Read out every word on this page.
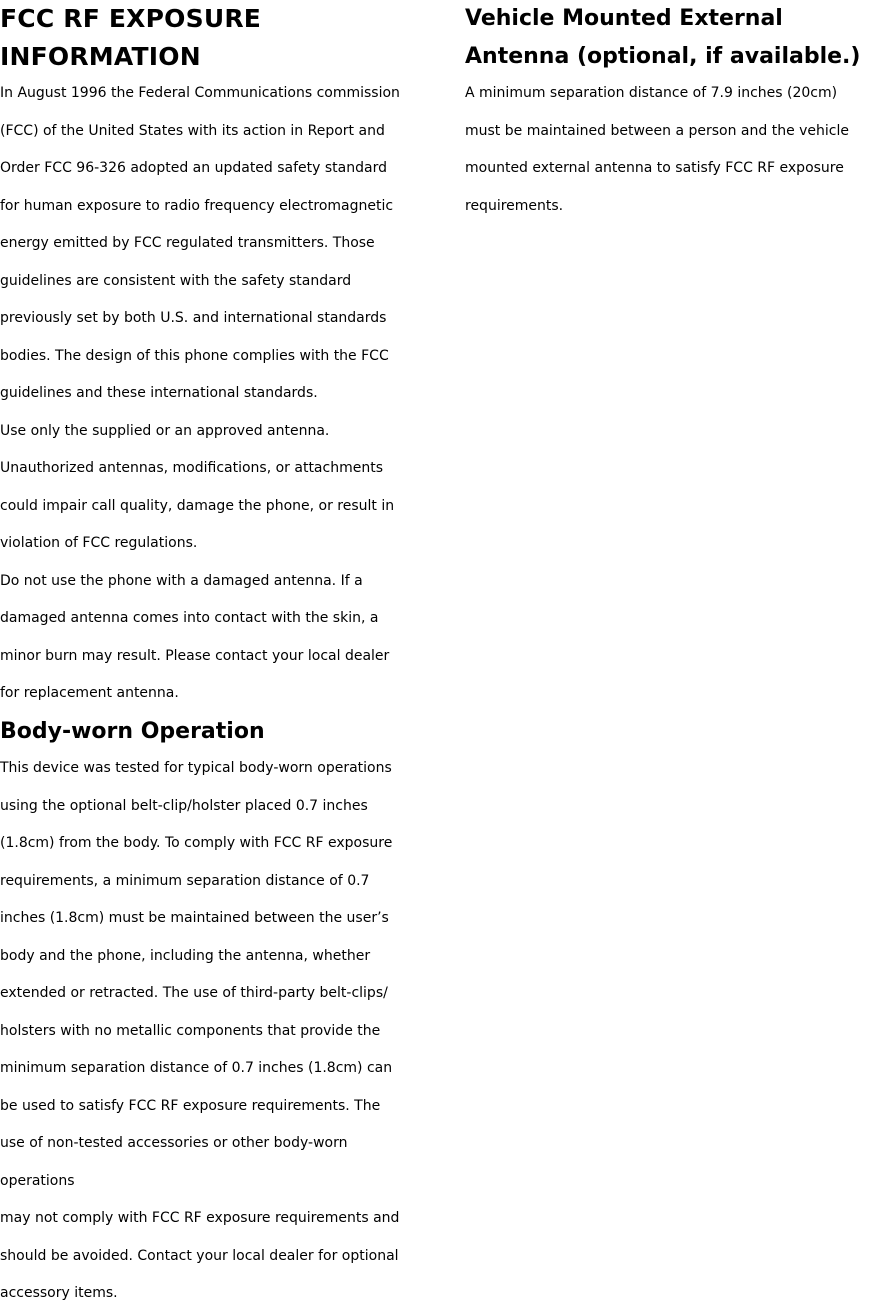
FCC RF EXPOSURE
INFORMATION
In August 1996 the Federal Communications commission
(FCC) of the United States with its action in Report and
Order FCC 96-326 adopted an updated safety standard
for human exposure to radio frequency electromagnetic
energy emitted by FCC regulated transmitters. Those
guidelines are consistent with the safety standard
previously set by both U.S. and international standards
bodies. The design of this phone complies with the FCC
guidelines and these international standards.
Use only the supplied or an approved antenna.
Unauthorized antennas, modifications, or attachments
could impair call quality, damage the phone, or result in
violation of FCC regulations.
Do not use the phone with a damaged antenna. If a
damaged antenna comes into contact with the skin, a
minor burn may result. Please contact your local dealer
for replacement antenna.
Body-worn Operation
This device was tested for typical body-worn operations
using the optional belt-clip/holster placed 0.7 inches
(1.8cm) from the body. To comply with FCC RF exposure
requirements, a minimum separation distance of 0.7
inches (1.8cm) must be maintained between the user’s
body and the phone, including the antenna, whether
extended or retracted. The use of third-party belt-clips/
holsters with no metallic components that provide the
minimum separation distance of 0.7 inches (1.8cm) can
be used to satisfy FCC RF exposure requirements. The
use of non-tested accessories or other body-worn
operations
may not comply with FCC RF exposure requirements and
should be avoided. Contact your local dealer for optional
accessory items.
Vehicle Mounted External
Antenna (optional, if available.)
A minimum separation distance of 7.9 inches (20cm)
must be maintained between a person and the vehicle
mounted external antenna to satisfy FCC RF exposure
requirements.
